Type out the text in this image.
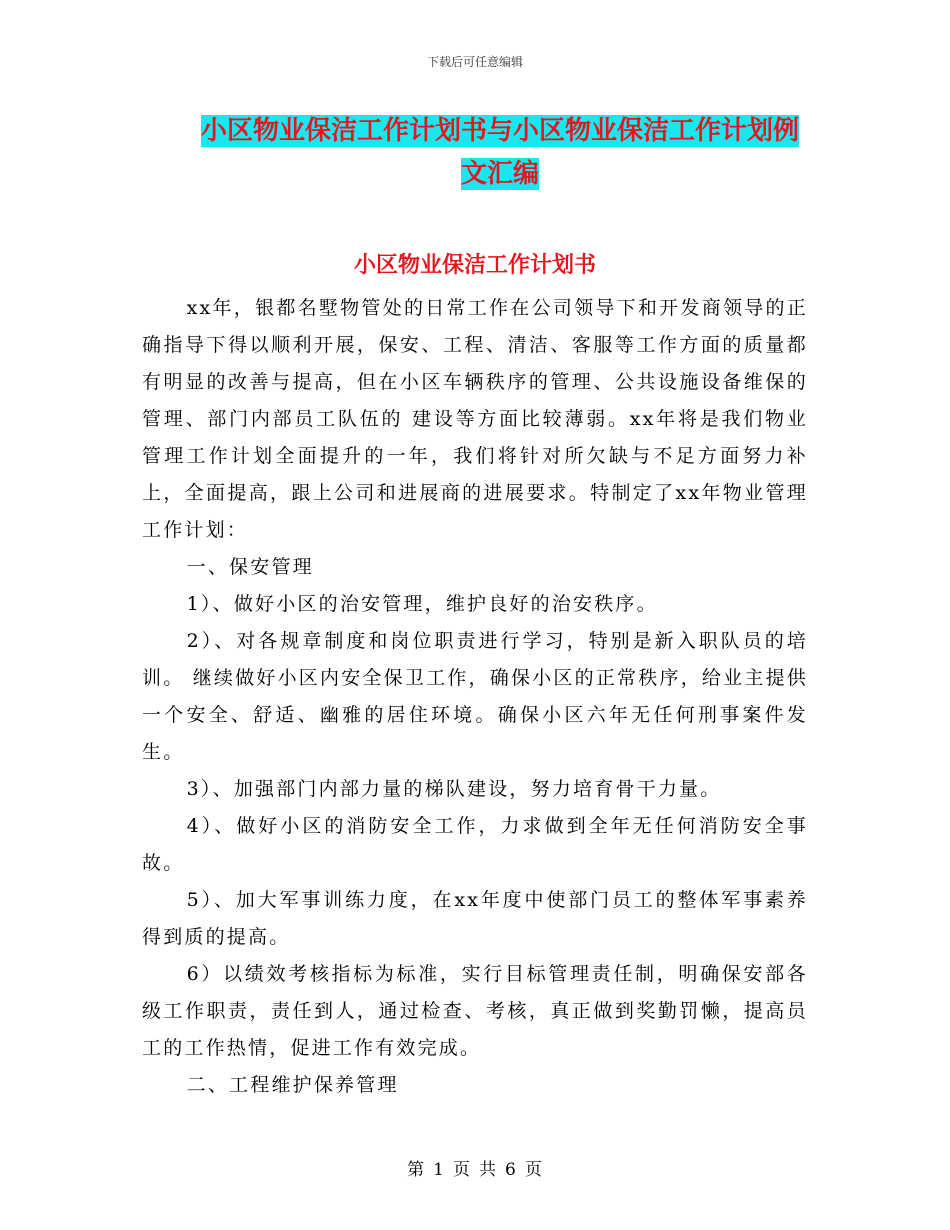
下载后可任意编辑
小区物业保洁工作计划书与小区物业保洁工作计划例文汇编
小区物业保洁工作计划书

xx年，银都名墅物管处的日常工作在公司领导下和开发商领导的正确指导下得以顺利开展，保安、工程、清洁、客服等工作方面的质量都有明显的改善与提高，但在小区车辆秩序的管理、公共设施设备维保的管理、部门内部员工队伍的 建设等方面比较薄弱。xx年将是我们物业管理工作计划全面提升的一年，我们将针对所欠缺与不足方面努力补上，全面提高，跟上公司和进展商的进展要求。特制定了xx年物业管理工作计划：

一、保安管理

1）、做好小区的治安管理，维护良好的治安秩序。

2）、对各规章制度和岗位职责进行学习，特别是新入职队员的培训。 继续做好小区内安全保卫工作，确保小区的正常秩序，给业主提供一个安全、舒适、幽雅的居住环境。确保小区六年无任何刑事案件发生。

3）、加强部门内部力量的梯队建设，努力培育骨干力量。

4）、做好小区的消防安全工作，力求做到全年无任何消防安全事故。

5）、加大军事训练力度，在xx年度中使部门员工的整体军事素养得到质的提高。

6）以绩效考核指标为标准，实行目标管理责任制，明确保安部各级工作职责，责任到人，通过检查、考核，真正做到奖勤罚懒，提高员工的工作热情，促进工作有效完成。

二、工程维护保养管理

第 1 页 共 6 页
